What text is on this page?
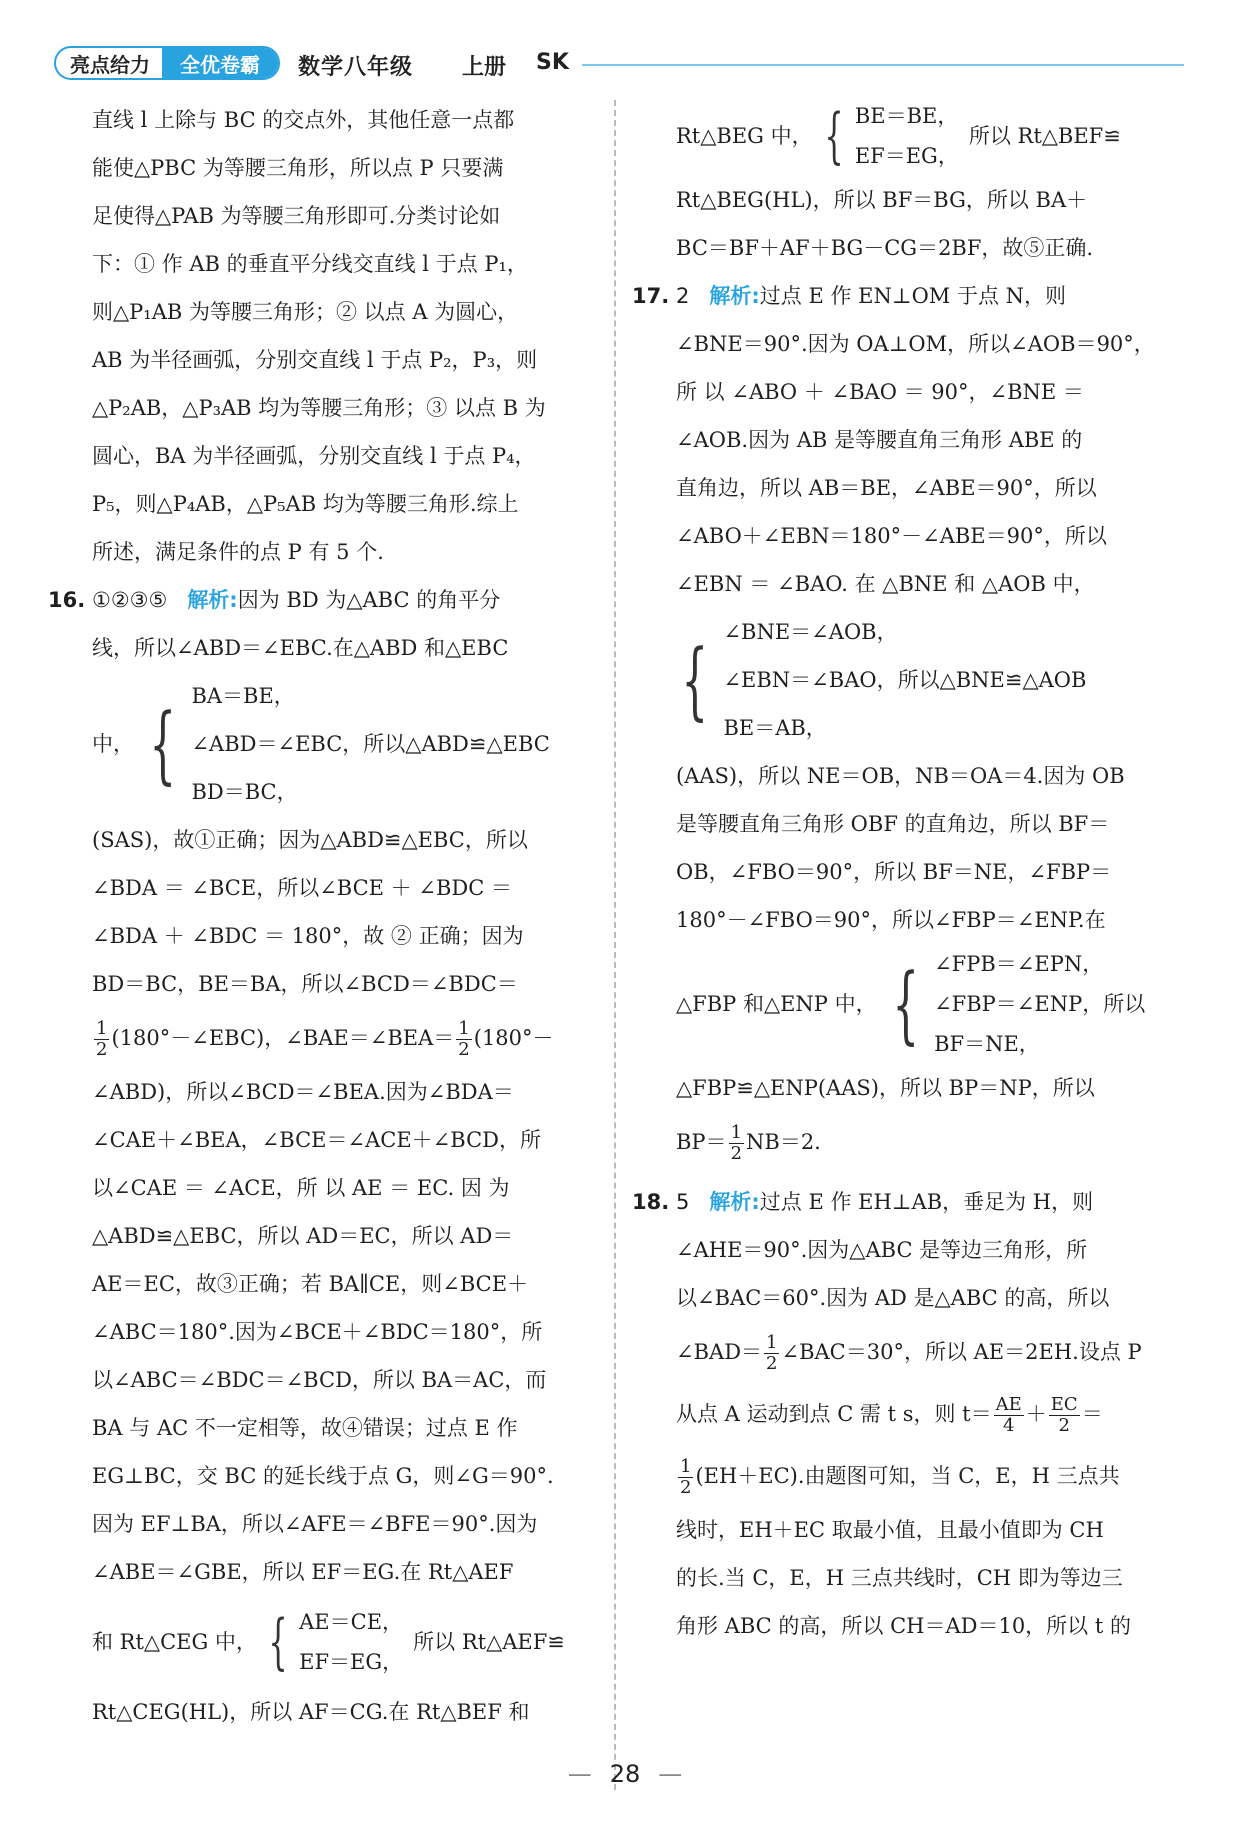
亮点给力	全优卷霸	数学八年级 上册 SK
直线 l 上除与 BC 的交点外，其他任意一点都
能使△PBC 为等腰三角形，所以点 P 只要满
足使得△PAB 为等腰三角形即可.分类讨论如
下：① 作 AB 的垂直平分线交直线 l 于点 P₁，
则△P₁AB 为等腰三角形；② 以点 A 为圆心，
AB 为半径画弧，分别交直线 l 于点 P₂，P₃，则
△P₂AB，△P₃AB 均为等腰三角形；③ 以点 B 为
圆心，BA 为半径画弧，分别交直线 l 于点 P₄，
P₅，则△P₄AB，△P₅AB 均为等腰三角形.综上
所述，满足条件的点 P 有 5 个.
16. ①②③⑤ 解析:因为 BD 为△ABC 的角平分
线，所以∠ABD＝∠EBC.在△ABD 和△EBC
中， { BA＝BE，
∠ABD＝∠EBC，所以△ABD≌△EBC
BD＝BC，
(SAS)，故①正确；因为△ABD≌△EBC，所以
∠BDA ＝ ∠BCE，所以∠BCE ＋ ∠BDC ＝
∠BDA ＋ ∠BDC ＝ 180°，故 ② 正确；因为
BD＝BC，BE＝BA，所以∠BCD＝∠BDC＝
$\frac{1}{2}$ (180°－∠EBC)，∠BAE＝∠BEA＝ $\frac{1}{2} (180^\circ-$
∠ABD)，所以∠BCD＝∠BEA.因为∠BDA＝
∠CAE＋∠BEA，∠BCE＝∠ACE＋∠BCD，所
以∠CAE ＝ ∠ACE，所 以 AE ＝ EC. 因 为
△ABD≌△EBC，所以 AD＝EC，所以 AD＝
AE＝EC，故③正确；若 BA∥CE，则∠BCE＋
∠ABC＝180°.因为∠BCE＋∠BDC＝180°，所
以∠ABC＝∠BDC＝∠BCD，所以 BA＝AC，而
BA 与 AC 不一定相等，故④错误；过点 E 作
EG⊥BC，交 BC 的延长线于点 G，则∠G＝90°.
因为 EF⊥BA，所以∠AFE＝∠BFE＝90°.因为
∠ABE＝∠GBE，所以 EF＝EG.在 Rt△AEF
和 Rt△CEG 中， { AE＝CE，
EF＝EG，
所以 Rt△AEF≌
Rt△CEG(HL)，所以 AF＝CG.在 Rt△BEF 和
Rt△BEG 中， { BE＝BE，
EF＝EG，
所以 Rt△BEF≌
Rt△BEG(HL)，所以 BF＝BG，所以 BA＋
BC＝BF＋AF＋BG－CG＝2BF，故⑤正确.
17. 2 解析:过点 E 作 EN⊥OM 于点 N，则
∠BNE＝90°.因为 OA⊥OM，所以∠AOB＝90°，
所 以 ∠ABO ＋ ∠BAO ＝ 90°，∠BNE ＝
∠AOB.因为 AB 是等腰直角三角形 ABE 的
直角边，所以 AB＝BE，∠ABE＝90°，所以
∠ABO＋∠EBN＝180°－∠ABE＝90°，所以
∠EBN ＝ ∠BAO. 在 △BNE 和 △AOB 中，
{ ∠BNE＝∠AOB，
∠EBN＝∠BAO，所以△BNE≌△AOB
BE＝AB，
(AAS)，所以 NE＝OB，NB＝OA＝4.因为 OB
是等腰直角三角形 OBF 的直角边，所以 BF＝
OB，∠FBO＝90°，所以 BF＝NE，∠FBP＝
180°－∠FBO＝90°，所以∠FBP＝∠ENP.在
△FBP 和△ENP 中， { ∠FPB＝∠EPN，
∠FBP＝∠ENP，所以
BF＝NE，
△FBP≌△ENP(AAS)，所以 BP＝NP，所以
$BP= \frac{1}{2} NB=2$.
18. 5 解析:过点 E 作 EH⊥AB，垂足为 H，则
∠AHE＝90°.因为△ABC 是等边三角形，所
以∠BAC＝60°.因为 AD 是△ABC 的高，所以
∠BAD＝ $\frac{1}{2}$ ∠BAC＝30°，所以 AE＝2EH.设点 P
从点 A 运动到点 C 需 t s，则 $t= \frac{AE}{4} + \frac{EC}{2}$ ＝
$\frac{1}{2} (EH+EC)$.由题图可知，当 C，E，H 三点共
线时，EH＋EC 取最小值，且最小值即为 CH
的长.当 C，E，H 三点共线时，CH 即为等边三
角形 ABC 的高，所以 CH＝AD＝10，所以 t 的
— 28 —
